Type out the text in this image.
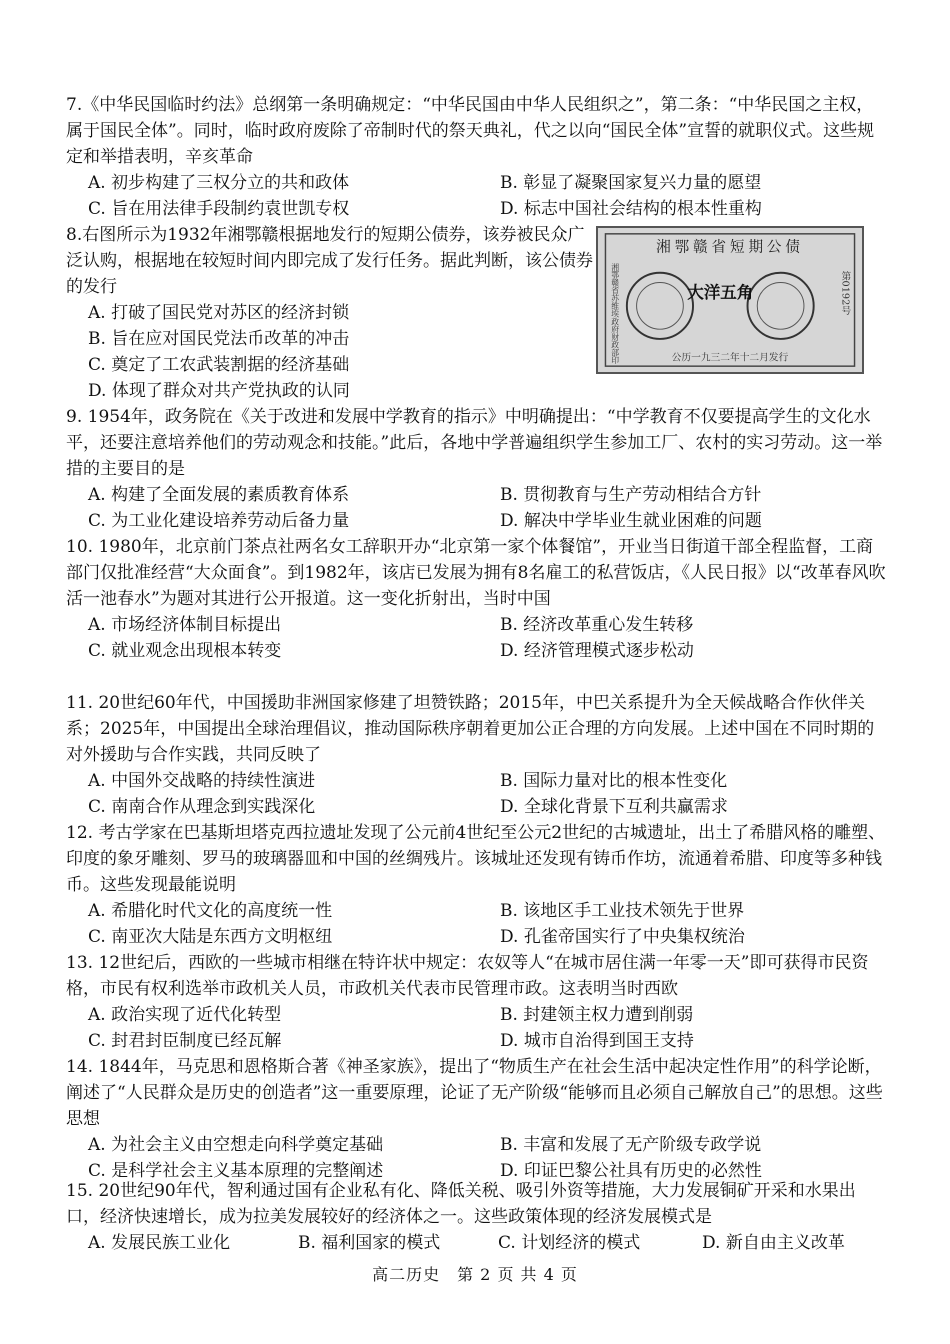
7.《中华民国临时约法》总纲第一条明确规定：“中华民国由中华人民组织之”，第二条：“中华民国之主权，属于国民全体”。同时，临时政府废除了帝制时代的祭天典礼，代之以向“国民全体”宣誓的就职仪式。这些规定和举措表明，辛亥革命
A. 初步构建了三权分立的共和政体	B. 彰显了凝聚国家复兴力量的愿望
C. 旨在用法律手段制约袁世凯专权	D. 标志中国社会结构的根本性重构
8.右图所示为1932年湘鄂赣根据地发行的短期公债券，该券被民众广泛认购，根据地在较短时间内即完成了发行任务。据此判断，该公债券的发行
A. 打破了国民党对苏区的经济封锁
B. 旨在应对国民党法币改革的冲击
C. 奠定了工农武装割据的经济基础
D. 体现了群众对共产党执政的认同
湘鄂赣省短期公债
大洋五角	第0192号
湘鄂赣省苏维埃政府财政部印	公历一九三二年十二月发行
9. 1954年，政务院在《关于改进和发展中学教育的指示》中明确提出：“中学教育不仅要提高学生的文化水平，还要注意培养他们的劳动观念和技能。”此后，各地中学普遍组织学生参加工厂、农村的实习劳动。这一举措的主要目的是
A. 构建了全面发展的素质教育体系	B. 贯彻教育与生产劳动相结合方针
C. 为工业化建设培养劳动后备力量	D. 解决中学毕业生就业困难的问题
10. 1980年，北京前门茶点社两名女工辞职开办“北京第一家个体餐馆”，开业当日街道干部全程监督，工商部门仅批准经营“大众面食”。到1982年，该店已发展为拥有8名雇工的私营饭店，《人民日报》以“改革春风吹活一池春水”为题对其进行公开报道。这一变化折射出，当时中国
A. 市场经济体制目标提出	B. 经济改革重心发生转移
C. 就业观念出现根本转变	D. 经济管理模式逐步松动
11. 20世纪60年代，中国援助非洲国家修建了坦赞铁路；2015年，中巴关系提升为全天候战略合作伙伴关系；2025年，中国提出全球治理倡议，推动国际秩序朝着更加公正合理的方向发展。上述中国在不同时期的对外援助与合作实践，共同反映了
A. 中国外交战略的持续性演进	B. 国际力量对比的根本性变化
C. 南南合作从理念到实践深化	D. 全球化背景下互利共赢需求
12. 考古学家在巴基斯坦塔克西拉遗址发现了公元前4世纪至公元2世纪的古城遗址，出土了希腊风格的雕塑、印度的象牙雕刻、罗马的玻璃器皿和中国的丝绸残片。该城址还发现有铸币作坊，流通着希腊、印度等多种钱币。这些发现最能说明
A. 希腊化时代文化的高度统一性	B. 该地区手工业技术领先于世界
C. 南亚次大陆是东西方文明枢纽	D. 孔雀帝国实行了中央集权统治
13. 12世纪后，西欧的一些城市相继在特许状中规定：农奴等人“在城市居住满一年零一天”即可获得市民资格，市民有权利选举市政机关人员，市政机关代表市民管理市政。这表明当时西欧
A. 政治实现了近代化转型	B. 封建领主权力遭到削弱
C. 封君封臣制度已经瓦解	D. 城市自治得到国王支持
14. 1844年，马克思和恩格斯合著《神圣家族》，提出了“物质生产在社会生活中起决定性作用”的科学论断，阐述了“人民群众是历史的创造者”这一重要原理，论证了无产阶级“能够而且必须自己解放自己”的思想。这些思想
A. 为社会主义由空想走向科学奠定基础	B. 丰富和发展了无产阶级专政学说
C. 是科学社会主义基本原理的完整阐述	D. 印证巴黎公社具有历史的必然性
15. 20世纪90年代，智利通过国有企业私有化、降低关税、吸引外资等措施，大力发展铜矿开采和水果出口，经济快速增长，成为拉美发展较好的经济体之一。这些政策体现的经济发展模式是
A. 发展民族工业化	B. 福利国家的模式	C. 计划经济的模式	D. 新自由主义改革
高二历史　第 2 页 共 4 页
